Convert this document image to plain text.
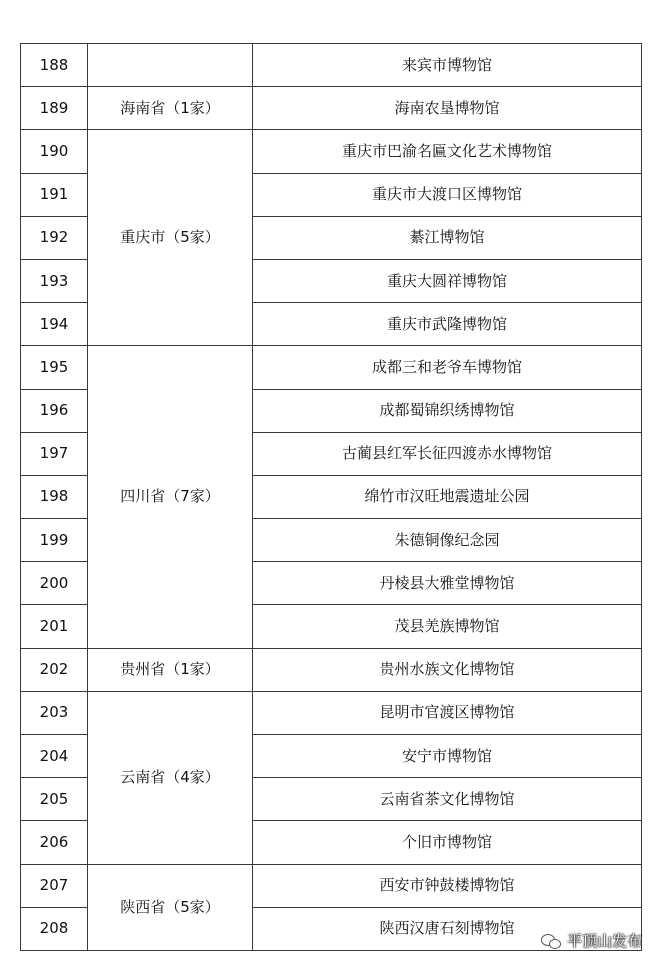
188		来宾市博物馆
189	海南省（1家）	海南农垦博物馆
190	重庆市（5家）	重庆市巴渝名匾文化艺术博物馆
191		重庆市大渡口区博物馆
192		綦江博物馆
193		重庆大圆祥博物馆
194		重庆市武隆博物馆
195	四川省（7家）	成都三和老爷车博物馆
196		成都蜀锦织绣博物馆
197		古蔺县红军长征四渡赤水博物馆
198		绵竹市汉旺地震遗址公园
199		朱德铜像纪念园
200		丹棱县大雅堂博物馆
201		茂县羌族博物馆
202	贵州省（1家）	贵州水族文化博物馆
203	云南省（4家）	昆明市官渡区博物馆
204		安宁市博物馆
205		云南省茶文化博物馆
206		个旧市博物馆
207	陕西省（5家）	西安市钟鼓楼博物馆
208		陕西汉唐石刻博物馆
平顶山发布
